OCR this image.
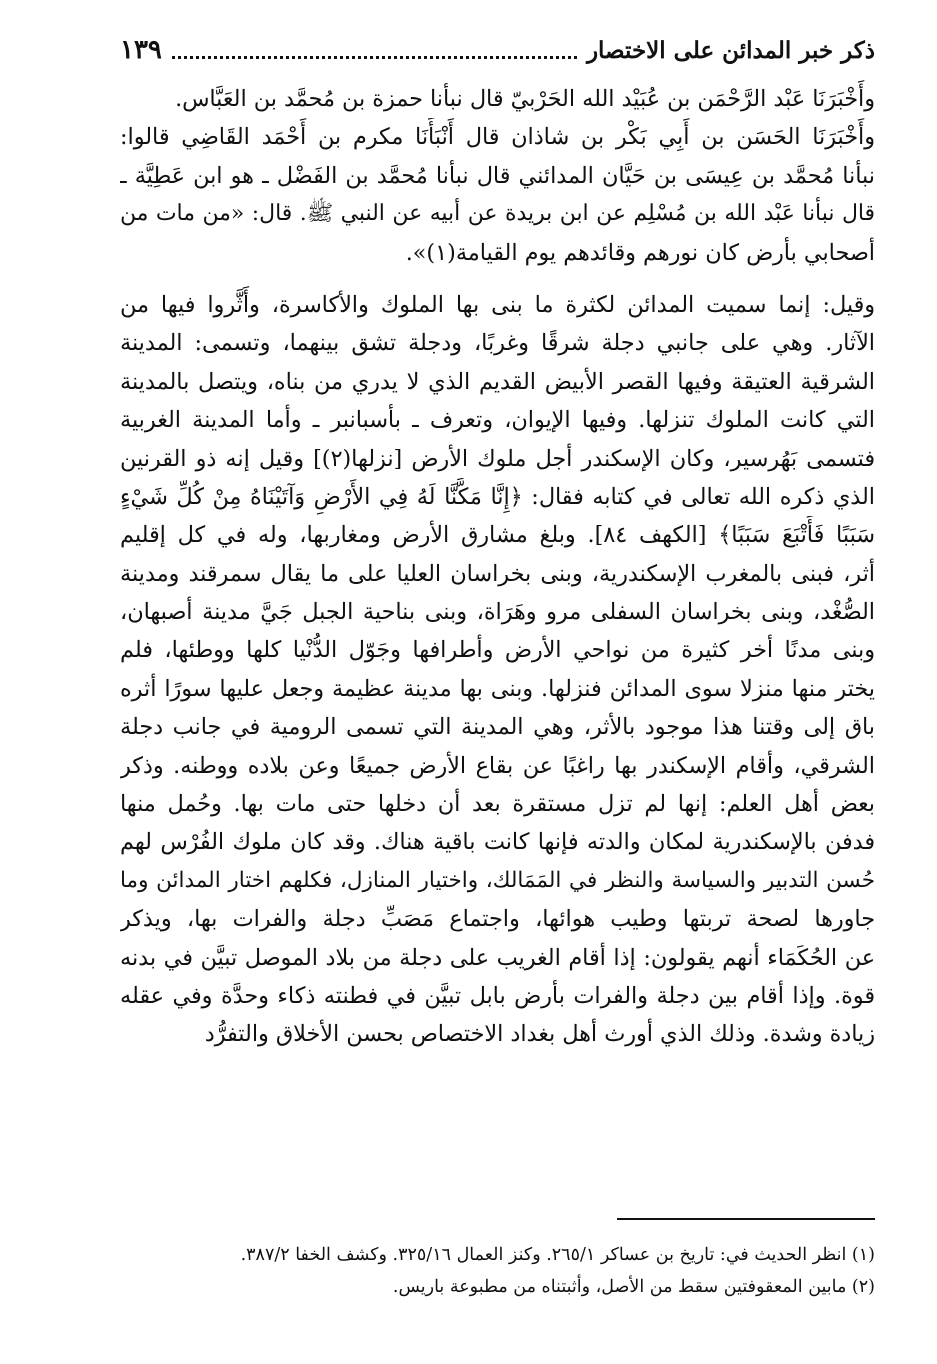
ذكر خبر المدائن على الاختصار
١٣٩
وأَخْبَرَنَا عَبْد الرَّحْمَن بن عُبَيْد الله الحَرْبيّ قال نبأنا حمزة بن مُحمَّد بن العَبَّاس.
وأَخْبَرَنَا الحَسَن بن أَبِي بَكْر بن شاذان قال أَنْبَأَنَا مكرم بن أَحْمَد القَاضِي قالوا:
نبأنا مُحمَّد بن عِيسَى بن حَيَّان المدائني قال نبأنا مُحمَّد بن الفَضْل ـ هو ابن عَطِيَّة ـ
قال نبأنا عَبْد الله بن مُسْلِم عن ابن بريدة عن أبيه عن النبي ﷺ. قال: «من مات من
أصحابي بأرض كان نورهم وقائدهم يوم القيامة(١)».
وقيل: إنما سميت المدائن لكثرة ما بنى بها الملوك والأكاسرة، وأَثَّروا فيها من
الآثار. وهي على جانبي دجلة شرقًا وغربًا، ودجلة تشق بينهما، وتسمى: المدينة
الشرقية العتيقة وفيها القصر الأبيض القديم الذي لا يدري من بناه، ويتصل بالمدينة
التي كانت الملوك تنزلها. وفيها الإيوان، وتعرف ـ بأسبانبر ـ وأما المدينة الغربية
فتسمى بَهُرسير، وكان الإسكندر أجل ملوك الأرض [نزلها(٢)] وقيل إنه ذو القرنين
الذي ذكره الله تعالى في كتابه فقال: ﴿إِنَّا مَكَّنَّا لَهُ فِي الأَرْضِ وَآتَيْنَاهُ مِنْ كُلِّ شَيْءٍ
سَبَبًا فَأَتْبَعَ سَبَبًا﴾ [الكهف ٨٤]. وبلغ مشارق الأرض ومغاربها، وله في كل إقليم
أثر، فبنى بالمغرب الإسكندرية، وبنى بخراسان العليا على ما يقال سمرقند ومدينة
الصُّغْد، وبنى بخراسان السفلى مرو وهَرَاة، وبنى بناحية الجبل جَيَّ مدينة أصبهان،
وبنى مدنًا أخر كثيرة من نواحي الأرض وأطرافها وجَوّل الدُّنْيا كلها ووطئها، فلم
يختر منها منزلا سوى المدائن فنزلها. وبنى بها مدينة عظيمة وجعل عليها سورًا أثره
باق إلى وقتنا هذا موجود بالأثر، وهي المدينة التي تسمى الرومية في جانب دجلة
الشرقي، وأقام الإسكندر بها راغبًا عن بقاع الأرض جميعًا وعن بلاده ووطنه. وذكر
بعض أهل العلم: إنها لم تزل مستقرة بعد أن دخلها حتى مات بها. وحُمل منها
فدفن بالإسكندرية لمكان والدته فإنها كانت باقية هناك. وقد كان ملوك الفُرْس لهم
حُسن التدبير والسياسة والنظر في المَمَالك، واختيار المنازل، فكلهم اختار المدائن وما
جاورها لصحة تربتها وطيب هوائها، واجتماع مَصَبِّ دجلة والفرات بها، ويذكر
عن الحُكَمَاء أنهم يقولون: إذا أقام الغريب على دجلة من بلاد الموصل تبيَّن في بدنه
قوة. وإذا أقام بين دجلة والفرات بأرض بابل تبيَّن في فطنته ذكاء وحدَّة وفي عقله
زيادة وشدة. وذلك الذي أورث أهل بغداد الاختصاص بحسن الأخلاق والتفرُّد
(١) انظر الحديث في: تاريخ بن عساكر ٢٦٥/١. وكنز العمال ٣٢٥/١٦. وكشف الخفا ٣٨٧/٢.
(٢) مابين المعقوفتين سقط من الأصل، وأثبتناه من مطبوعة باريس.
